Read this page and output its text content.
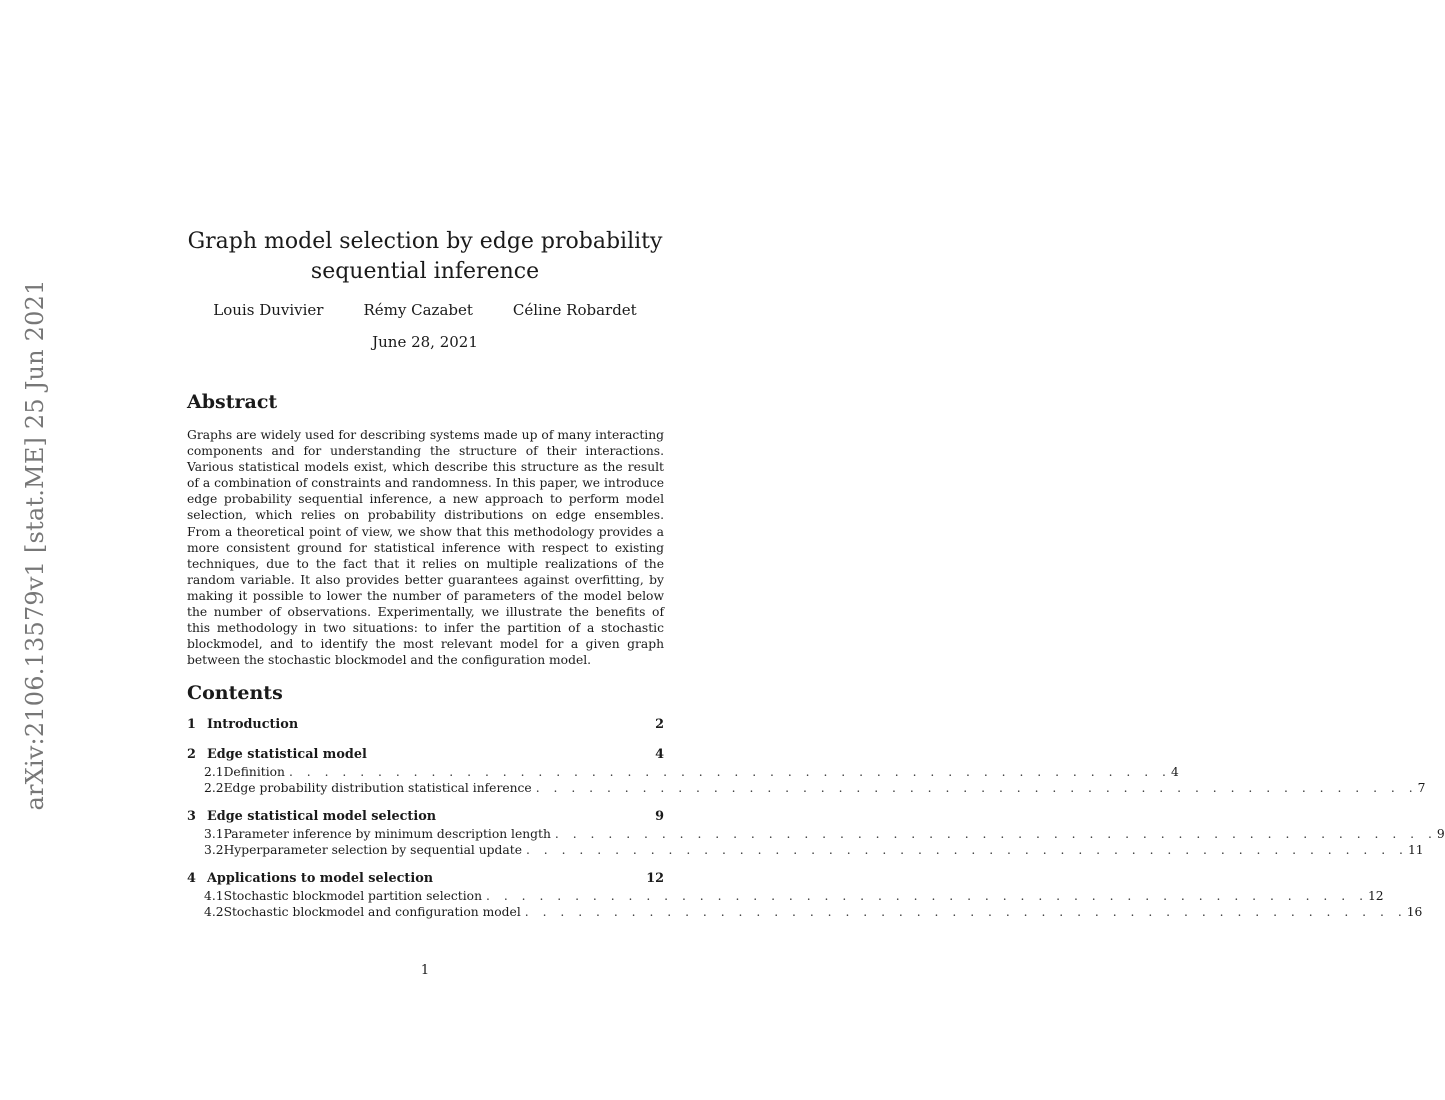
arXiv:2106.13579v1 [stat.ME] 25 Jun 2021
Graph model selection by edge probability
sequential inference
Louis Duvivier	Rémy Cazabet	Céline Robardet
June 28, 2021
Abstract
Graphs are widely used for describing systems made up of many interacting components and for understanding the structure of their interactions. Various statistical models exist, which describe this structure as the result of a combination of constraints and randomness. In this paper, we introduce edge probability sequential inference, a new approach to perform model selection, which relies on probability distributions on edge ensembles. From a theoretical point of view, we show that this methodology provides a more consistent ground for statistical inference with respect to existing techniques, due to the fact that it relies on multiple realizations of the random variable. It also provides better guarantees against overfitting, by making it possible to lower the number of parameters of the model below the number of observations. Experimentally, we illustrate the benefits of this methodology in two situations: to infer the partition of a stochastic blockmodel, and to identify the most relevant model for a given graph between the stochastic blockmodel and the configuration model.
Contents
1 Introduction	2
2 Edge statistical model	4
2.1 Definition . . . . . . . . . . . . . . . . . . . . . . . . . . . . . . . . . . . . . . . . . . . . . . . . . . 4
2.2 Edge probability distribution statistical inference . . . . . . . . . . . . . . . . . . . . . . . . . . . . . . . . . . . . . . . . . . . . . . . . . . 7
3 Edge statistical model selection	9
3.1 Parameter inference by minimum description length . . . . . . . . . . . . . . . . . . . . . . . . . . . . . . . . . . . . . . . . . . . . . . . . . . 9
3.2 Hyperparameter selection by sequential update . . . . . . . . . . . . . . . . . . . . . . . . . . . . . . . . . . . . . . . . . . . . . . . . . . 11
4 Applications to model selection	12
4.1 Stochastic blockmodel partition selection . . . . . . . . . . . . . . . . . . . . . . . . . . . . . . . . . . . . . . . . . . . . . . . . . . 12
4.2 Stochastic blockmodel and configuration model . . . . . . . . . . . . . . . . . . . . . . . . . . . . . . . . . . . . . . . . . . . . . . . . . . 16
1
